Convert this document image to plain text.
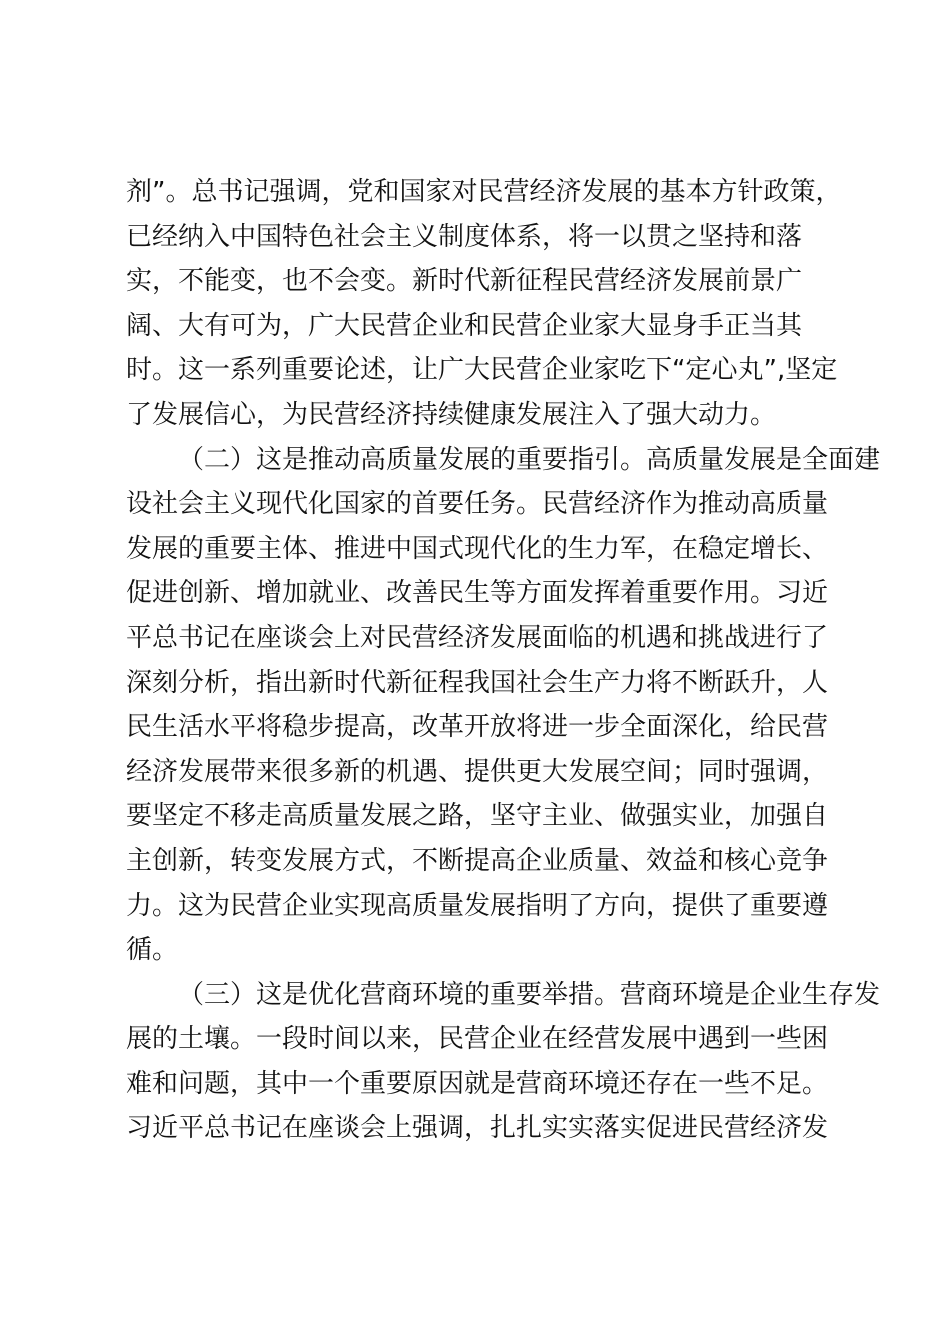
剂”。总书记强调，党和国家对民营经济发展的基本方针政策，
已经纳入中国特色社会主义制度体系，将一以贯之坚持和落
实，不能变，也不会变。新时代新征程民营经济发展前景广
阔、大有可为，广大民营企业和民营企业家大显身手正当其
时。这一系列重要论述，让广大民营企业家吃下“定心丸”,坚定
了发展信心，为民营经济持续健康发展注入了强大动力。

（二）这是推动高质量发展的重要指引。高质量发展是全面建
设社会主义现代化国家的首要任务。民营经济作为推动高质量
发展的重要主体、推进中国式现代化的生力军，在稳定增长、
促进创新、增加就业、改善民生等方面发挥着重要作用。习近
平总书记在座谈会上对民营经济发展面临的机遇和挑战进行了
深刻分析，指出新时代新征程我国社会生产力将不断跃升，人
民生活水平将稳步提高，改革开放将进一步全面深化，给民营
经济发展带来很多新的机遇、提供更大发展空间；同时强调，
要坚定不移走高质量发展之路，坚守主业、做强实业，加强自
主创新，转变发展方式，不断提高企业质量、效益和核心竞争
力。这为民营企业实现高质量发展指明了方向，提供了重要遵
循。

（三）这是优化营商环境的重要举措。营商环境是企业生存发
展的土壤。一段时间以来，民营企业在经营发展中遇到一些困
难和问题，其中一个重要原因就是营商环境还存在一些不足。
习近平总书记在座谈会上强调，扎扎实实落实促进民营经济发
